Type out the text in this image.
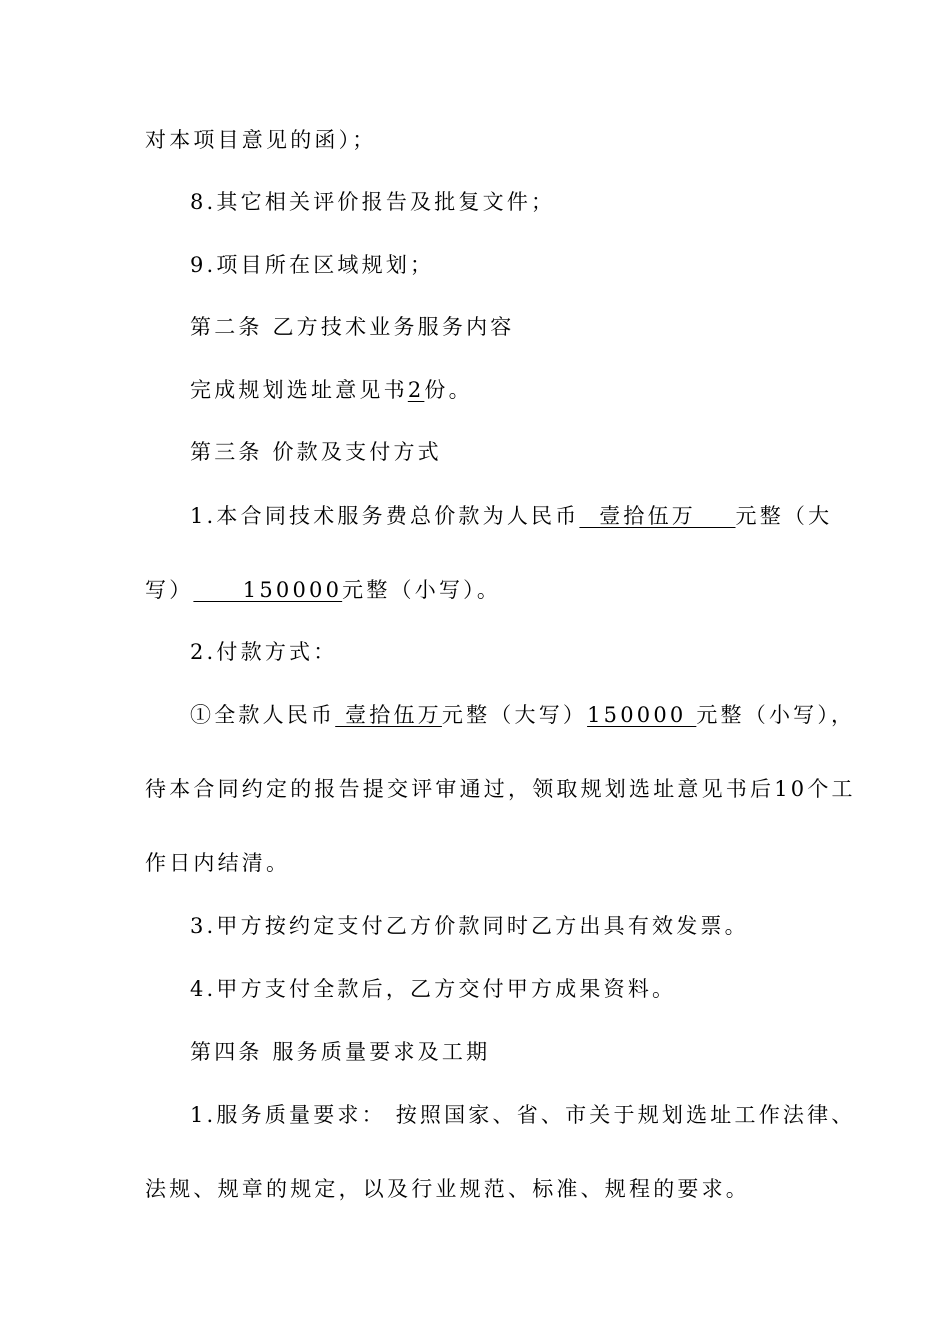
对本项目意见的函）；
8.其它相关评价报告及批复文件；
9.项目所在区域规划；
第二条 乙方技术业务服务内容
完成规划选址意见书2份。
第三条 价款及支付方式
1.本合同技术服务费总价款为人民币  壹拾伍万    元整（大
写）     150000元整（小写）。
2.付款方式：
①全款人民币 壹拾伍万元整（大写）150000 元整（小写），
待本合同约定的报告提交评审通过，领取规划选址意见书后10个工
作日内结清。
3.甲方按约定支付乙方价款同时乙方出具有效发票。
4.甲方支付全款后，乙方交付甲方成果资料。
第四条 服务质量要求及工期
1.服务质量要求： 按照国家、省、市关于规划选址工作法律、
法规、规章的规定，以及行业规范、标准、规程的要求。
